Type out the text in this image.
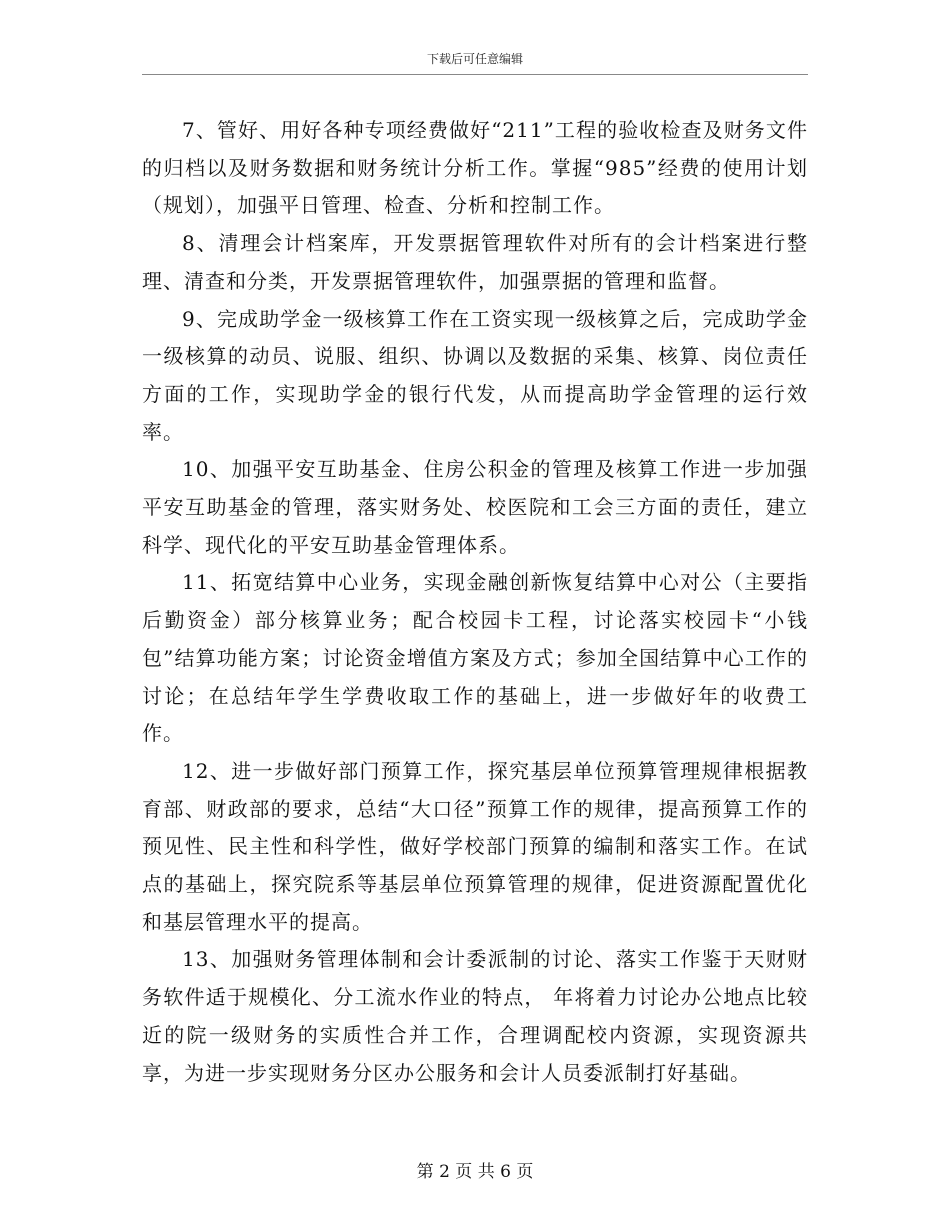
下载后可任意编辑

7、管好、用好各种专项经费做好“211”工程的验收检查及财务文件的归档以及财务数据和财务统计分析工作。掌握“985”经费的使用计划（规划），加强平日管理、检查、分析和控制工作。

8、清理会计档案库，开发票据管理软件对所有的会计档案进行整理、清查和分类，开发票据管理软件，加强票据的管理和监督。

9、完成助学金一级核算工作在工资实现一级核算之后，完成助学金一级核算的动员、说服、组织、协调以及数据的采集、核算、岗位责任方面的工作，实现助学金的银行代发，从而提高助学金管理的运行效率。

10、加强平安互助基金、住房公积金的管理及核算工作进一步加强平安互助基金的管理，落实财务处、校医院和工会三方面的责任，建立科学、现代化的平安互助基金管理体系。

11、拓宽结算中心业务，实现金融创新恢复结算中心对公（主要指后勤资金）部分核算业务；配合校园卡工程，讨论落实校园卡“小钱包”结算功能方案；讨论资金增值方案及方式；参加全国结算中心工作的讨论；在总结年学生学费收取工作的基础上，进一步做好年的收费工作。

12、进一步做好部门预算工作，探究基层单位预算管理规律根据教育部、财政部的要求，总结“大口径”预算工作的规律，提高预算工作的预见性、民主性和科学性，做好学校部门预算的编制和落实工作。在试点的基础上，探究院系等基层单位预算管理的规律，促进资源配置优化和基层管理水平的提高。

13、加强财务管理体制和会计委派制的讨论、落实工作鉴于天财财务软件适于规模化、分工流水作业的特点， 年将着力讨论办公地点比较近的院一级财务的实质性合并工作，合理调配校内资源，实现资源共享，为进一步实现财务分区办公服务和会计人员委派制打好基础。

第 2 页 共 6 页
